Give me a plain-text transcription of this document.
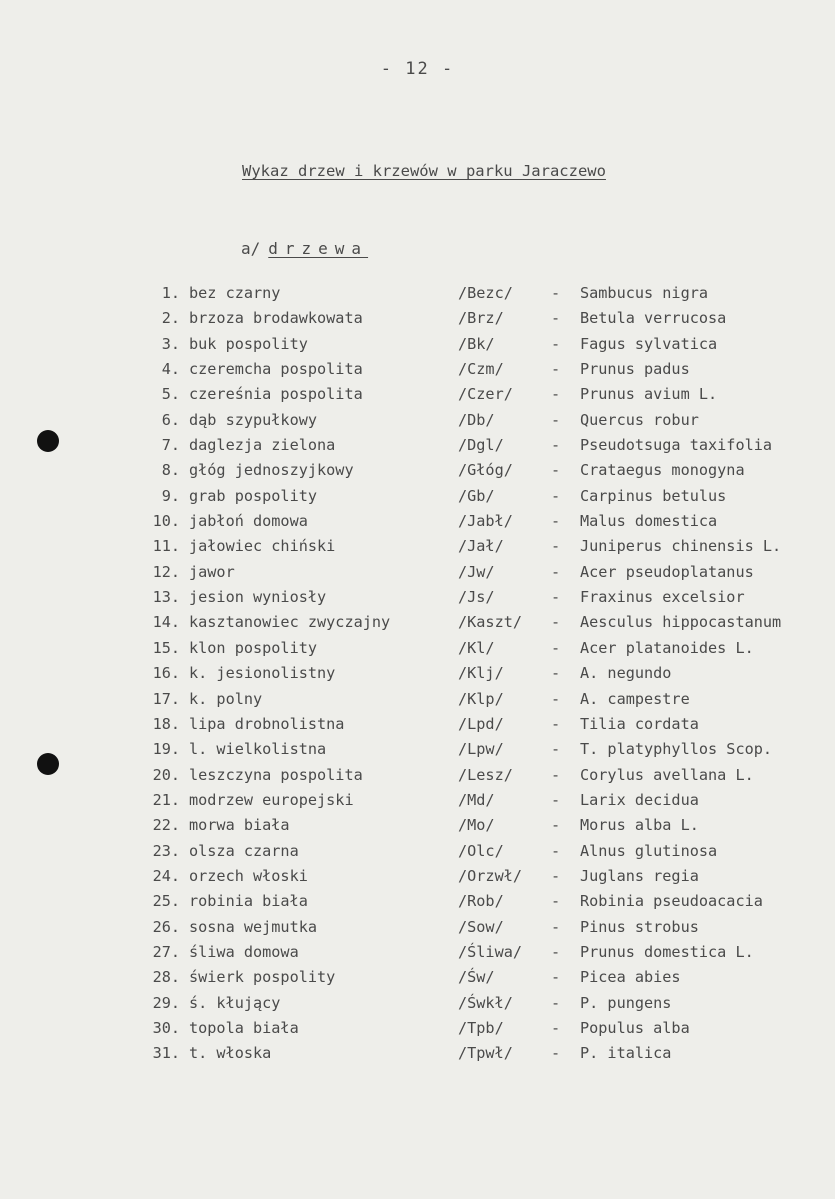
- 12 -
Wykaz drzew i krzewów w parku Jaraczewo
a/ drzewa
1. bez czarny	/Bezc/	- Sambucus nigra
2. brzoza brodawkowata	/Brz/	- Betula verrucosa
3. buk pospolity	/Bk/	- Fagus sylvatica
4. czeremcha pospolita	/Czm/	- Prunus padus
5. czereśnia pospolita	/Czer/	- Prunus avium L.
6. dąb szypułkowy	/Db/	- Quercus robur
7. daglezja zielona	/Dgl/	- Pseudotsuga taxifolia
8. głóg jednoszyjkowy	/Głóg/	- Crataegus monogyna
9. grab pospolity	/Gb/	- Carpinus betulus
10. jabłoń domowa	/Jabł/	- Malus domestica
11. jałowiec chiński	/Jał/	- Juniperus chinensis L.
12. jawor	/Jw/	- Acer pseudoplatanus
13. jesion wyniosły	/Js/	- Fraxinus excelsior
14. kasztanowiec zwyczajny	/Kaszt/ - Aesculus hippocastanum
15. klon pospolity	/Kl/	- Acer platanoides L.
16. k. jesionolistny	/Klj/	- A. negundo
17. k. polny	/Klp/	- A. campestre
18. lipa drobnolistna	/Lpd/	- Tilia cordata
19. l. wielkolistna	/Lpw/	- T. platyphyllos Scop.
20. leszczyna pospolita	/Lesz/	- Corylus avellana L.
21. modrzew europejski	/Md/	- Larix decidua
22. morwa biała	/Mo/	- Morus alba L.
23. olsza czarna	/Olc/	- Alnus glutinosa
24. orzech włoski	/Orzwł/ - Juglans regia
25. robinia biała	/Rob/	- Robinia pseudoacacia
26. sosna wejmutka	/Sow/	- Pinus strobus
27. śliwa domowa	/Śliwa/ - Prunus domestica L.
28. świerk pospolity	/Św/	- Picea abies
29. ś. kłujący	/Śwkł/	- P. pungens
30. topola biała	/Tpb/	- Populus alba
31. t. włoska	/Tpwł/	- P. italica
